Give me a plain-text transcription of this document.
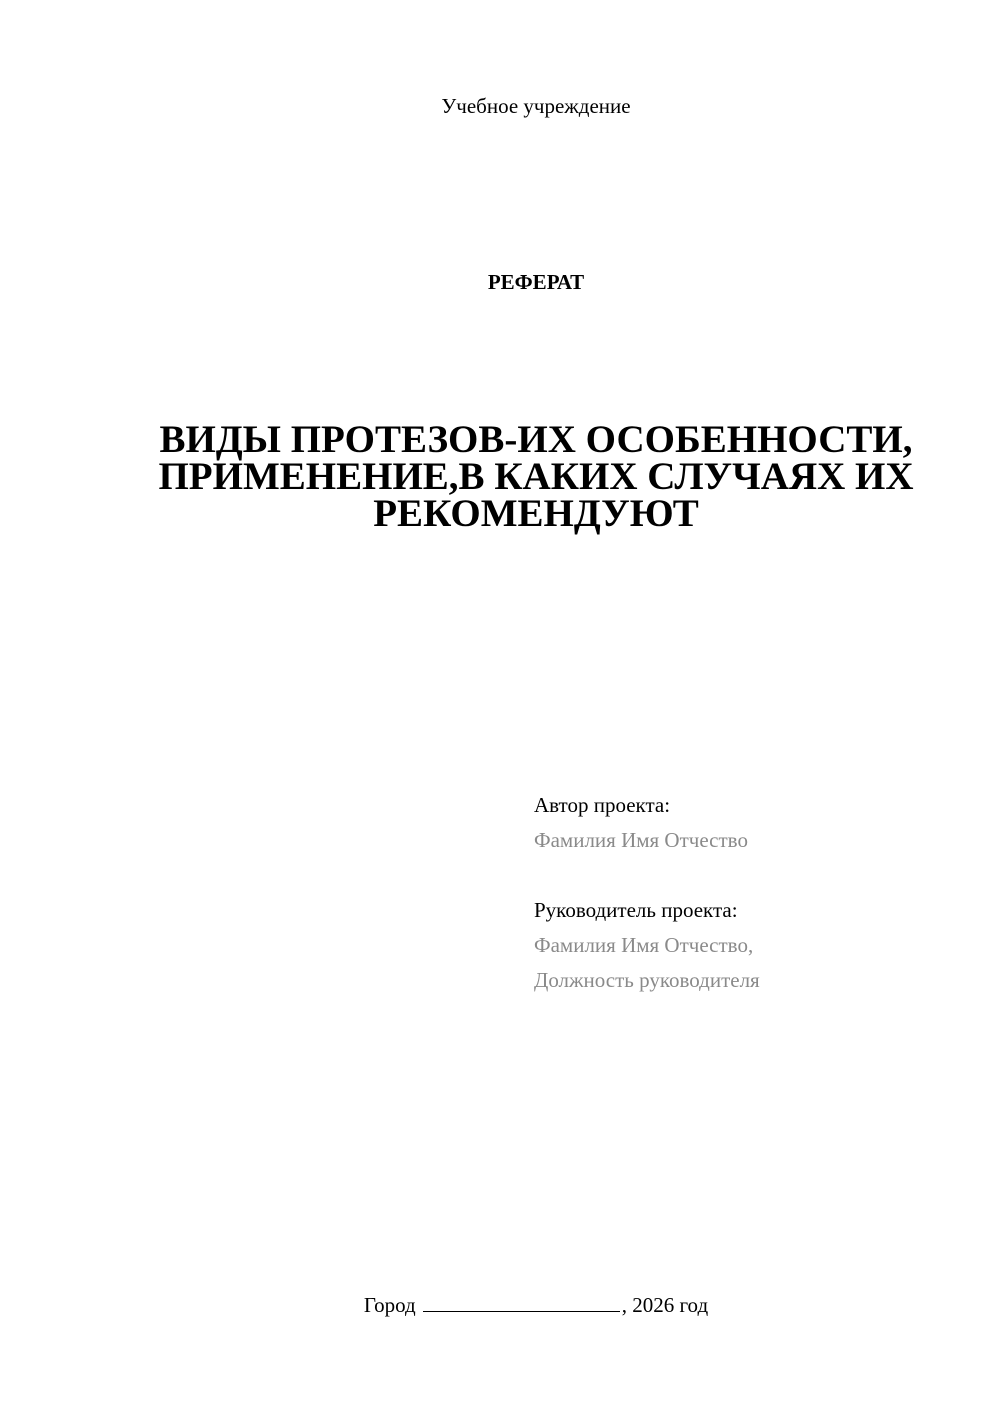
Учебное учреждение
РЕФЕРАТ
ВИДЫ ПРОТЕЗОВ-ИХ ОСОБЕННОСТИ,
ПРИМЕНЕНИЕ,В КАКИХ СЛУЧАЯХ ИХ
РЕКОМЕНДУЮТ
Автор проекта:
Фамилия Имя Отчество
Руководитель проекта:
Фамилия Имя Отчество,
Должность руководителя
Город	, 2026 год
